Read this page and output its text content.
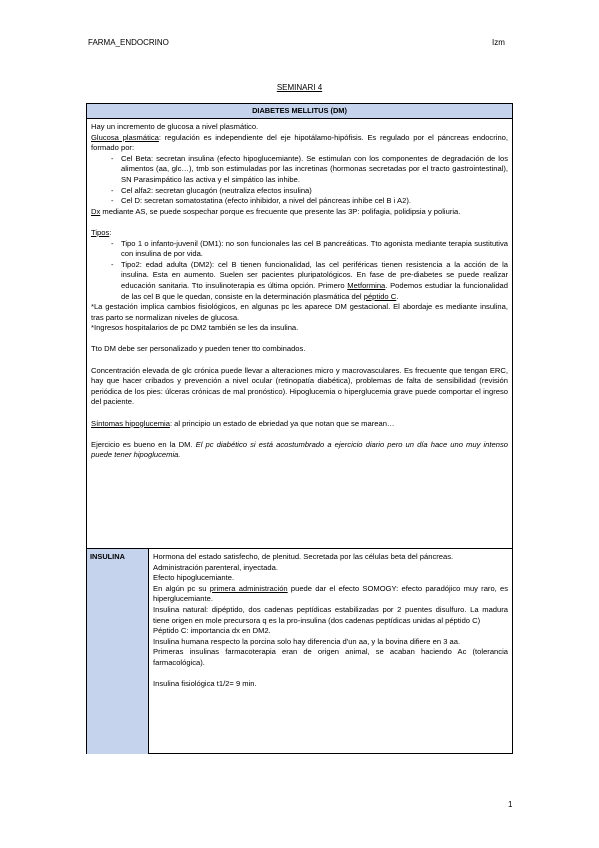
FARMA_ENDOCRINO	Izm
SEMINARI 4
DIABETES MELLITUS (DM)

Hay un incremento de glucosa a nivel plasmático.

Glucosa plasmática: regulación es independiente del eje hipotálamo-hipófisis. Es regulado por el páncreas endocrino, formado por:

- Cel Beta: secretan insulina (efecto hipoglucemiante). Se estimulan con los componentes de degradación de los alimentos (aa, glc…), tmb son estimuladas por las incretinas (hormonas secretadas por el tracto gastrointestinal), SN Parasimpático las activa y el simpático las inhibe.
- Cel alfa2: secretan glucagón (neutraliza efectos insulina)
- Cel D: secretan somatostatina (efecto inhibidor, a nivel del páncreas inhibe cel B i A2).

Dx mediante AS, se puede sospechar porque es frecuente que presente las 3P: polifagia, polidipsia y poliuria.

Tipos:

- Tipo 1 o infanto-juvenil (DM1): no son funcionales las cel B pancreáticas. Tto agonista mediante terapia sustitutiva con insulina de por vida.
- Tipo2: edad adulta (DM2): cel B tienen funcionalidad, las cel periféricas tienen resistencia a la acción de la insulina. Esta en aumento. Suelen ser pacientes pluripatológicos. En fase de pre-diabetes se puede realizar educación sanitaria. Tto insulinoterapia es última opción. Primero Metformina. Podemos estudiar la funcionalidad de las cel B que le quedan, consiste en la determinación plasmática del péptido C.

*La gestación implica cambios fisiológicos, en algunas pc les aparece DM gestacional. El abordaje es mediante insulina, tras parto se normalizan niveles de glucosa.

*Ingresos hospitalarios de pc DM2 también se les da insulina.

Tto DM debe ser personalizado y pueden tener tto combinados.

Concentración elevada de glc crónica puede llevar a alteraciones micro y macrovasculares. Es frecuente que tengan ERC, hay que hacer cribados y prevención a nivel ocular (retinopatía diabética), problemas de falta de sensibilidad (revisión periódica de los pies: úlceras crónicas de mal pronóstico). Hipoglucemia o hiperglucemia grave puede comportar el ingreso del paciente.

Síntomas hipoglucemia: al principio un estado de ebriedad ya que notan que se marean…

Ejercicio es bueno en la DM. El pc diabético si está acostumbrado a ejercicio diario pero un día hace uno muy intenso puede tener hipoglucemia.

INSULINA	Hormona del estado satisfecho, de plenitud. Secretada por las células beta del páncreas.

Administración parenteral, inyectada.

Efecto hipoglucemiante.

En algún pc su primera administración puede dar el efecto SOMOGY: efecto paradójico muy raro, es hiperglucemiante.

Insulina natural: dipéptido, dos cadenas peptídicas estabilizadas por 2 puentes disulfuro. La madura tiene origen en mole precursora q es la pro-insulina (dos cadenas peptídicas unidas al péptido C)

Péptido C: importancia dx en DM2.

Insulina humana respecto la porcina solo hay diferencia d'un aa, y la bovina difiere en 3 aa.

Primeras insulinas farmacoterapia eran de origen animal, se acaban haciendo Ac (tolerancia farmacológica).

Insulina fisiológica t1/2= 9 min.

1
